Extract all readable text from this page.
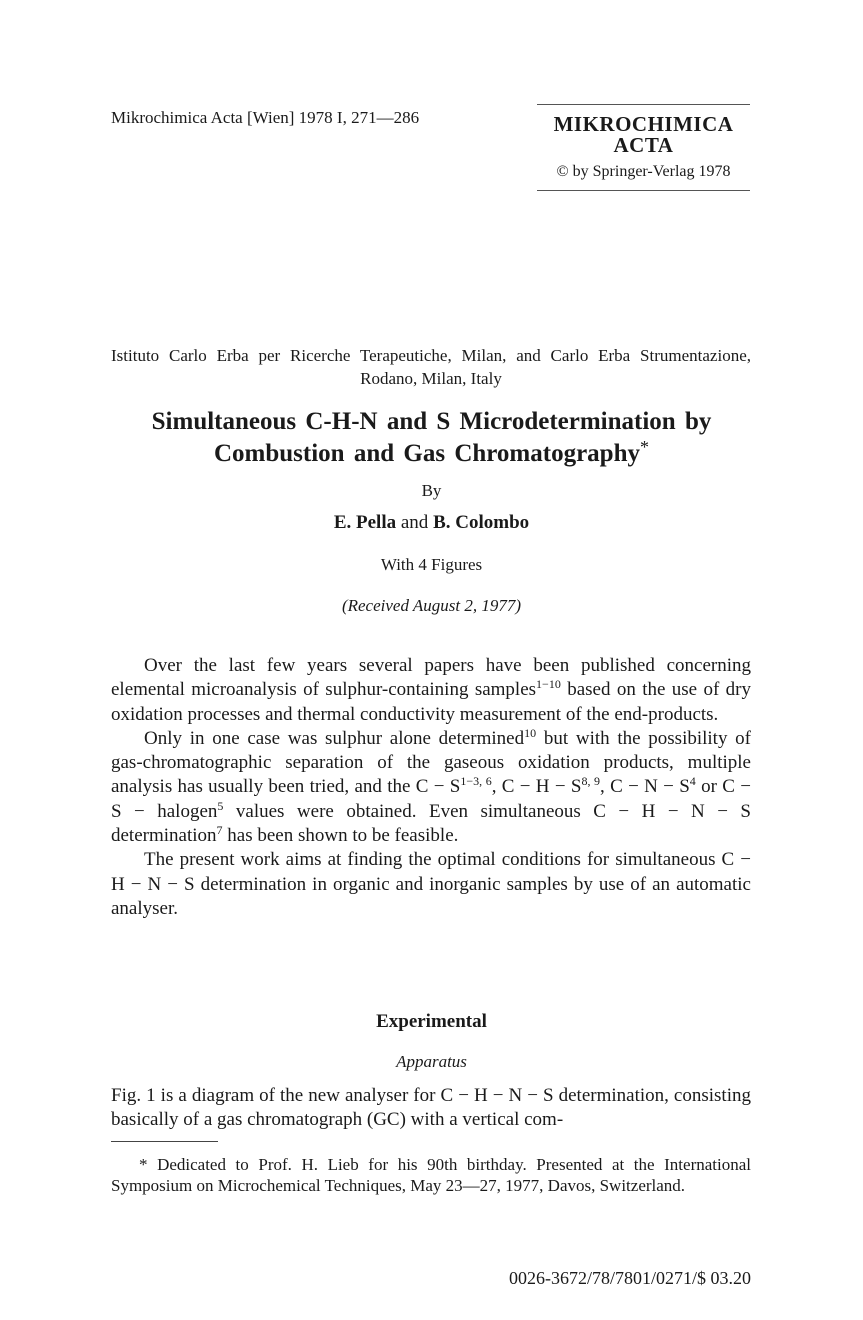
Mikrochimica Acta [Wien] 1978 I, 271—286	MIKROCHIMICA
ACTA
© by Springer-Verlag 1978
Istituto Carlo Erba per Ricerche Terapeutiche, Milan, and Carlo Erba Strumentazione, Rodano, Milan, Italy
Simultaneous C-H-N and S Microdetermination by
Combustion and Gas Chromatography*
By
E. Pella and B. Colombo
With 4 Figures
(Received August 2, 1977)

Over the last few years several papers have been published concerning elemental microanalysis of sulphur-containing samples$^{1-10}$ based on the use of dry oxidation processes and thermal conductivity measurement of the end-products.

Only in one case was sulphur alone determined$^{10}$ but with the possibility of gas-chromatographic separation of the gaseous oxidation products, multiple analysis has usually been tried, and the $C - S^{1-3, 6}$, C − H − S$^{8, 9}$, $C - N - S^4$ or C − S − halogen$^5$ values were obtained. Even simultaneous C − H − N − S determination$^7$ has been shown to be feasible.

The present work aims at finding the optimal conditions for simultaneous C − H − N − S determination in organic and inorganic samples by use of an automatic analyser.

Experimental
Apparatus

Fig. 1 is a diagram of the new analyser for C − H − N − S determination, consisting basically of a gas chromatograph (GC) with a vertical com-

* Dedicated to Prof. H. Lieb for his 90th birthday. Presented at the International Symposium on Microchemical Techniques, May 23—27, 1977, Davos, Switzerland.
0026-3672/78/7801/0271/$ 03.20
